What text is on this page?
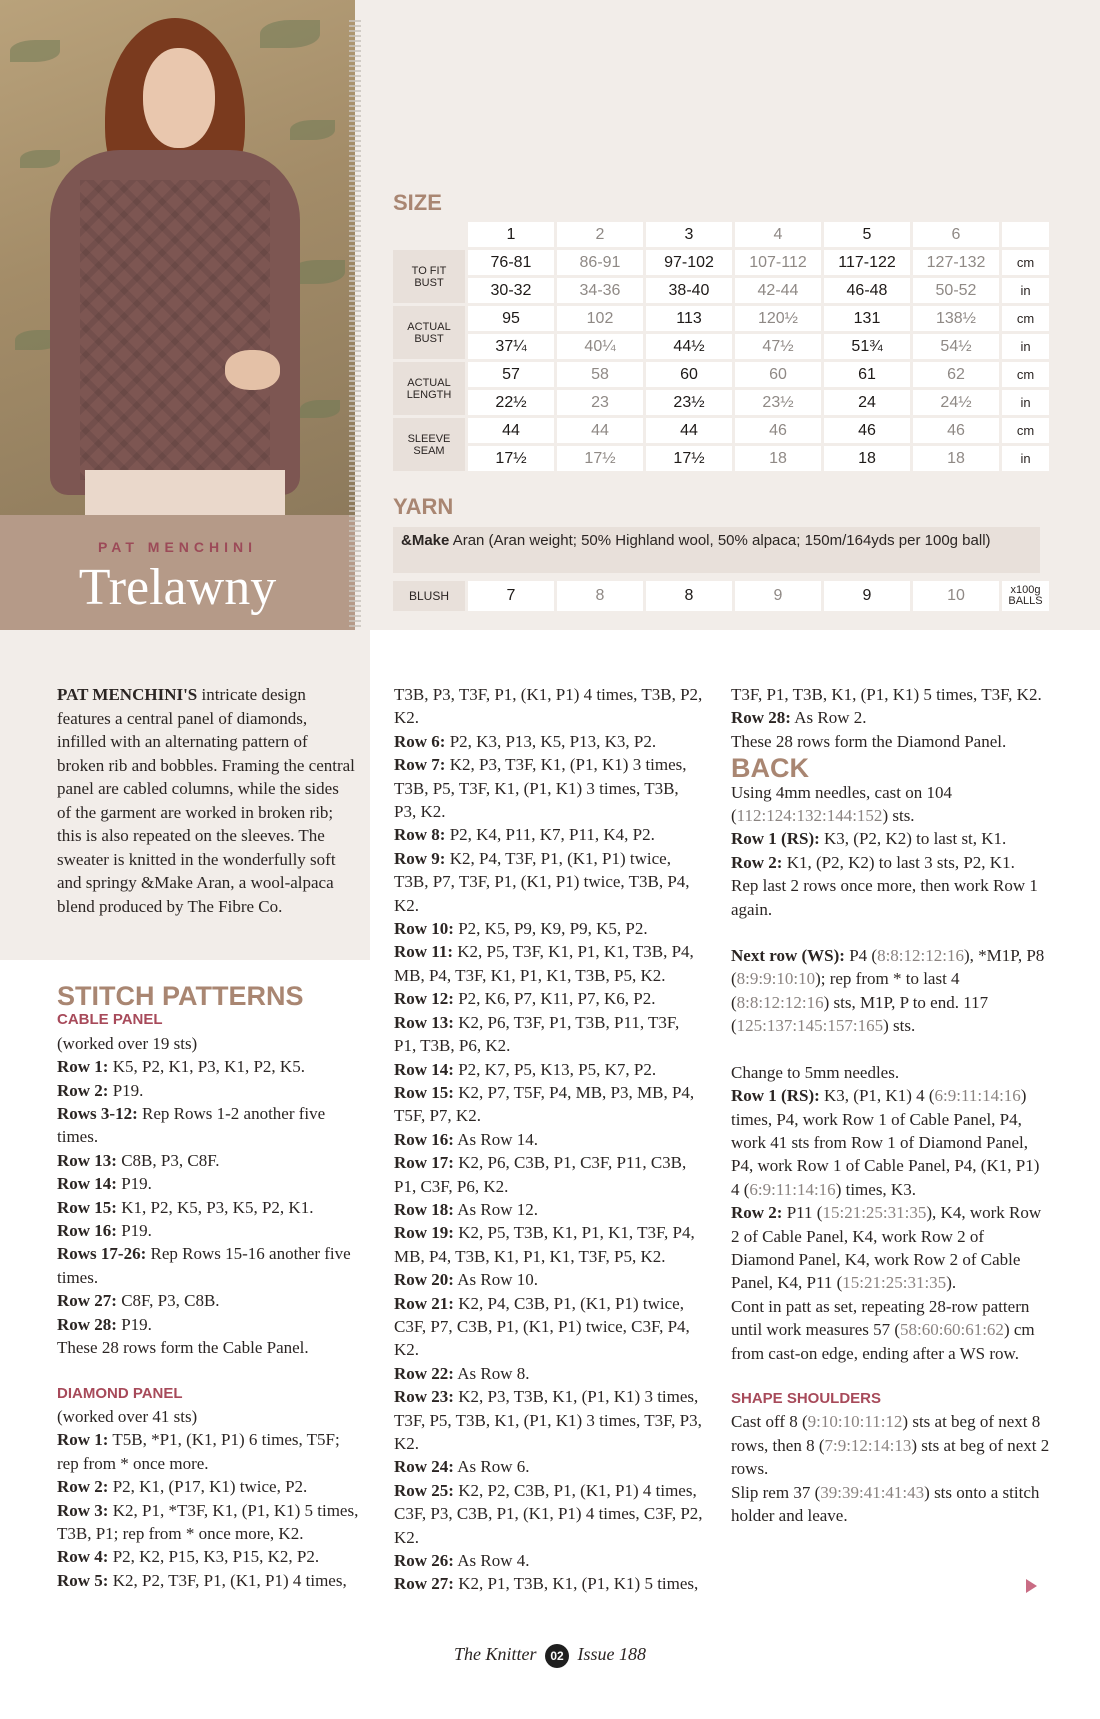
PAT MENCHINI
Trelawny
SIZE
1	2	3	4	5	6
TO FIT
BUST
76-81	86-91	97-102	107-112	117-122	127-132	cm
30-32	34-36	38-40	42-44	46-48	50-52	in
ACTUAL
BUST
95	102	113	120½	131	138½	cm
37¼	40¼	44½	47½	51¾	54½	in
ACTUAL
LENGTH
57	58	60	60	61	62	cm
22½	23	23½	23½	24	24½	in
SLEEVE
SEAM
44	44	44	46	46	46	cm
17½	17½	17½	18	18	18	in
YARN
&Make Aran (Aran weight; 50% Highland wool, 50% alpaca; 150m/164yds per 100g ball)
BLUSH	7	8	8	9	9	10	x100g
BALLS
PAT MENCHINI'S intricate design features a central panel of diamonds, infilled with an alternating pattern of broken rib and bobbles. Framing the central panel are cabled columns, while the sides of the garment are worked in broken rib; this is also repeated on the sleeves. The sweater is knitted in the wonderfully soft and springy &Make Aran, a wool-alpaca blend produced by The Fibre Co.
STITCH PATTERNS
CABLE PANEL

(worked over 19 sts)

Row 1: K5, P2, K1, P3, K1, P2, K5.

Row 2: P19.

Rows 3-12: Rep Rows 1-2 another five times.

Row 13: C8B, P3, C8F.

Row 14: P19.

Row 15: K1, P2, K5, P3, K5, P2, K1.

Row 16: P19.

Rows 17-26: Rep Rows 15-16 another five times.

Row 27: C8F, P3, C8B.

Row 28: P19.

These 28 rows form the Cable Panel.

DIAMOND PANEL

(worked over 41 sts)

Row 1: T5B, *P1, (K1, P1) 6 times, T5F; rep from * once more.

Row 2: P2, K1, (P17, K1) twice, P2.

Row 3: K2, P1, *T3F, K1, (P1, K1) 5 times, T3B, P1; rep from * once more, K2.

Row 4: P2, K2, P15, K3, P15, K2, P2.

Row 5: K2, P2, T3F, P1, (K1, P1) 4 times,

T3B, P3, T3F, P1, (K1, P1) 4 times, T3B, P2, K2.

Row 6: P2, K3, P13, K5, P13, K3, P2.

Row 7: K2, P3, T3F, K1, (P1, K1) 3 times, T3B, P5, T3F, K1, (P1, K1) 3 times, T3B, P3, K2.

Row 8: P2, K4, P11, K7, P11, K4, P2.

Row 9: K2, P4, T3F, P1, (K1, P1) twice, T3B, P7, T3F, P1, (K1, P1) twice, T3B, P4, K2.

Row 10: P2, K5, P9, K9, P9, K5, P2.

Row 11: K2, P5, T3F, K1, P1, K1, T3B, P4, MB, P4, T3F, K1, P1, K1, T3B, P5, K2.

Row 12: P2, K6, P7, K11, P7, K6, P2.

Row 13: K2, P6, T3F, P1, T3B, P11, T3F, P1, T3B, P6, K2.

Row 14: P2, K7, P5, K13, P5, K7, P2.

Row 15: K2, P7, T5F, P4, MB, P3, MB, P4, T5F, P7, K2.

Row 16: As Row 14.

Row 17: K2, P6, C3B, P1, C3F, P11, C3B, P1, C3F, P6, K2.

Row 18: As Row 12.

Row 19: K2, P5, T3B, K1, P1, K1, T3F, P4, MB, P4, T3B, K1, P1, K1, T3F, P5, K2.

Row 20: As Row 10.

Row 21: K2, P4, C3B, P1, (K1, P1) twice, C3F, P7, C3B, P1, (K1, P1) twice, C3F, P4, K2.

Row 22: As Row 8.

Row 23: K2, P3, T3B, K1, (P1, K1) 3 times, T3F, P5, T3B, K1, (P1, K1) 3 times, T3F, P3, K2.

Row 24: As Row 6.

Row 25: K2, P2, C3B, P1, (K1, P1) 4 times, C3F, P3, C3B, P1, (K1, P1) 4 times, C3F, P2, K2.

Row 26: As Row 4.

Row 27: K2, P1, T3B, K1, (P1, K1) 5 times,

T3F, P1, T3B, K1, (P1, K1) 5 times, T3F, K2.

Row 28: As Row 2.

These 28 rows form the Diamond Panel.

BACK

Using 4mm needles, cast on 104 (112:124:132:144:152) sts.

Row 1 (RS): K3, (P2, K2) to last st, K1.

Row 2: K1, (P2, K2) to last 3 sts, P2, K1.

Rep last 2 rows once more, then work Row 1 again.

Next row (WS): P4 (8:8:12:12:16), *M1P, P8 (8:9:9:10:10); rep from * to last 4 (8:8:12:12:16) sts, M1P, P to end. 117 (125:137:145:157:165) sts.

Change to 5mm needles.

Row 1 (RS): K3, (P1, K1) 4 (6:9:11:14:16) times, P4, work Row 1 of Cable Panel, P4, work 41 sts from Row 1 of Diamond Panel, P4, work Row 1 of Cable Panel, P4, (K1, P1) 4 (6:9:11:14:16) times, K3.

Row 2: P11 (15:21:25:31:35), K4, work Row 2 of Cable Panel, K4, work Row 2 of Diamond Panel, K4, work Row 2 of Cable Panel, K4, P11 (15:21:25:31:35).

Cont in patt as set, repeating 28-row pattern until work measures 57 (58:60:60:61:62) cm from cast-on edge, ending after a WS row.

SHAPE SHOULDERS

Cast off 8 (9:10:10:11:12) sts at beg of next 8 rows, then 8 (7:9:12:14:13) sts at beg of next 2 rows.

Slip rem 37 (39:39:41:41:43) sts onto a stitch holder and leave.

The Knitter 02 Issue 188
